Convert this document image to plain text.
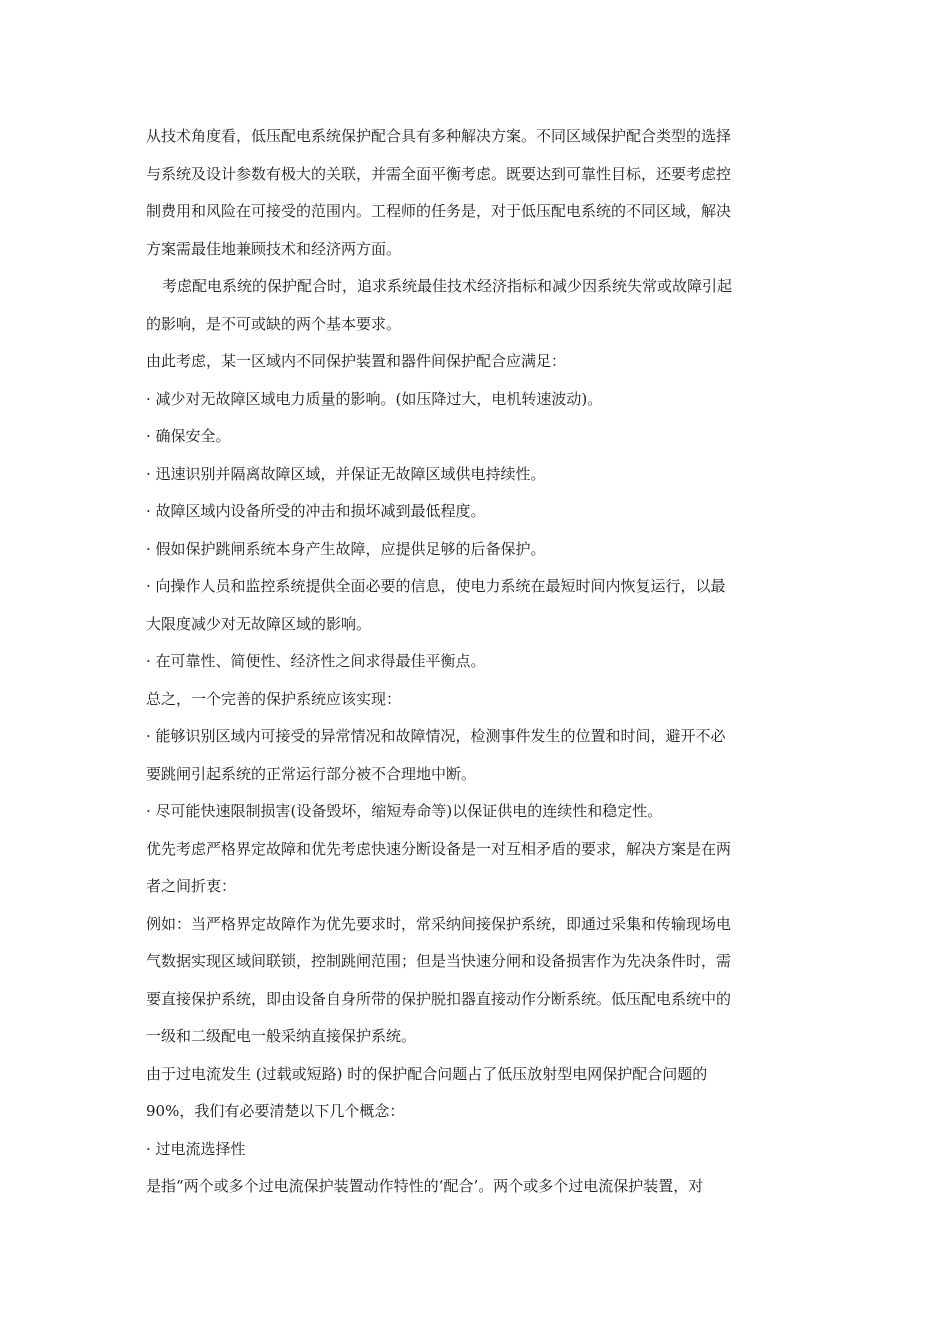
从技术角度看，低压配电系统保护配合具有多种解决方案。不同区域保护配合类型的选择
与系统及设计参数有极大的关联，并需全面平衡考虑。既要达到可靠性目标，还要考虑控
制费用和风险在可接受的范围内。工程师的任务是，对于低压配电系统的不同区域，解决
方案需最佳地兼顾技术和经济两方面。
考虑配电系统的保护配合时，追求系统最佳技术经济指标和减少因系统失常或故障引起
的影响，是不可或缺的两个基本要求。
由此考虑，某一区域内不同保护装置和器件间保护配合应满足：
· 减少对无故障区域电力质量的影响。(如压降过大，电机转速波动)。
· 确保安全。
· 迅速识别并隔离故障区域，并保证无故障区域供电持续性。
· 故障区域内设备所受的冲击和损坏减到最低程度。
· 假如保护跳闸系统本身产生故障，应提供足够的后备保护。
· 向操作人员和监控系统提供全面必要的信息，使电力系统在最短时间内恢复运行，以最
大限度减少对无故障区域的影响。
· 在可靠性、简便性、经济性之间求得最佳平衡点。
总之，一个完善的保护系统应该实现：
· 能够识别区域内可接受的异常情况和故障情况，检测事件发生的位置和时间，避开不必
要跳闸引起系统的正常运行部分被不合理地中断。
· 尽可能快速限制损害(设备毁坏，缩短寿命等)以保证供电的连续性和稳定性。
优先考虑严格界定故障和优先考虑快速分断设备是一对互相矛盾的要求，解决方案是在两
者之间折衷：
例如：当严格界定故障作为优先要求时，常采纳间接保护系统，即通过采集和传输现场电
气数据实现区域间联锁，控制跳闸范围；但是当快速分闸和设备损害作为先决条件时，需
要直接保护系统，即由设备自身所带的保护脱扣器直接动作分断系统。低压配电系统中的
一级和二级配电一般采纳直接保护系统。
由于过电流发生 (过载或短路) 时的保护配合问题占了低压放射型电网保护配合问题的
90%，我们有必要清楚以下几个概念：
· 过电流选择性
是指“两个或多个过电流保护装置动作特性的‘配合’。两个或多个过电流保护装置，对
